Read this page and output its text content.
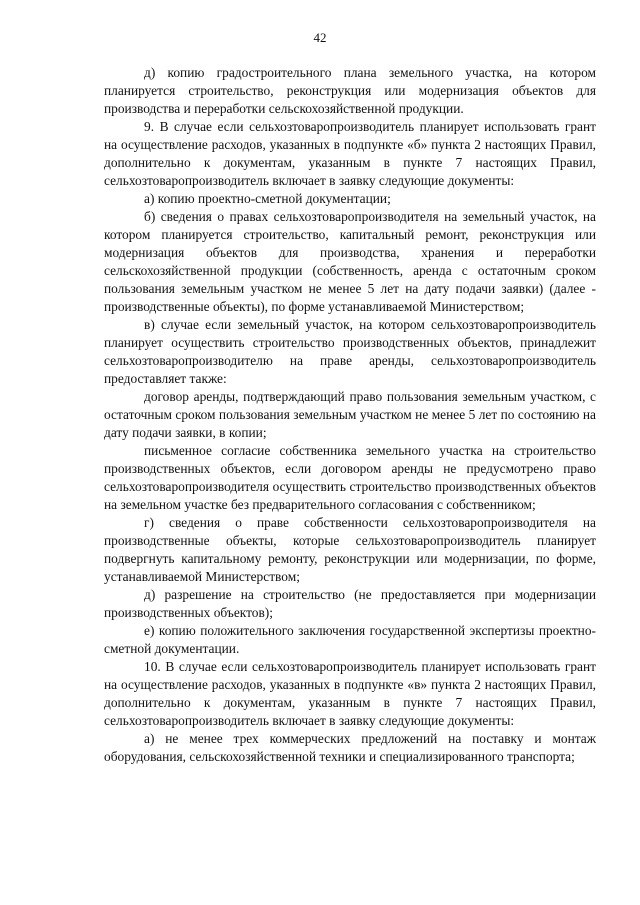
42

д) копию градостроительного плана земельного участка, на котором планируется строительство, реконструкция или модернизация объектов для производства и переработки сельскохозяйственной продукции.

9. В случае если сельхозтоваропроизводитель планирует использовать грант на осуществление расходов, указанных в подпункте «б» пункта 2 настоящих Правил, дополнительно к документам, указанным в пункте 7 настоящих Правил, сельхозтоваропроизводитель включает в заявку следующие документы:

а) копию проектно-сметной документации;

б) сведения о правах сельхозтоваропроизводителя на земельный участок, на котором планируется строительство, капитальный ремонт, реконструкция или модернизация объектов для производства, хранения и переработки сельскохозяйственной продукции (собственность, аренда с остаточным сроком пользования земельным участком не менее 5 лет на дату подачи заявки) (далее - производственные объекты), по форме устанавливаемой Министерством;

в) случае если земельный участок, на котором сельхозтоваропроизводитель планирует осуществить строительство производственных объектов, принадлежит сельхозтоваропроизводителю на праве аренды, сельхозтоваропроизводитель предоставляет также:

договор аренды, подтверждающий право пользования земельным участком, с остаточным сроком пользования земельным участком не менее 5 лет по состоянию на дату подачи заявки, в копии;

письменное согласие собственника земельного участка на строительство производственных объектов, если договором аренды не предусмотрено право сельхозтоваропроизводителя осуществить строительство производственных объектов на земельном участке без предварительного согласования с собственником;

г) сведения о праве собственности сельхозтоваропроизводителя на производственные объекты, которые сельхозтоваропроизводитель планирует подвергнуть капитальному ремонту, реконструкции или модернизации, по форме, устанавливаемой Министерством;

д) разрешение на строительство (не предоставляется при модернизации производственных объектов);

е) копию положительного заключения государственной экспертизы проектно-сметной документации.

10. В случае если сельхозтоваропроизводитель планирует использовать грант на осуществление расходов, указанных в подпункте «в» пункта 2 настоящих Правил, дополнительно к документам, указанным в пункте 7 настоящих Правил, сельхозтоваропроизводитель включает в заявку следующие документы:

а) не менее трех коммерческих предложений на поставку и монтаж оборудования, сельскохозяйственной техники и специализированного транспорта;
